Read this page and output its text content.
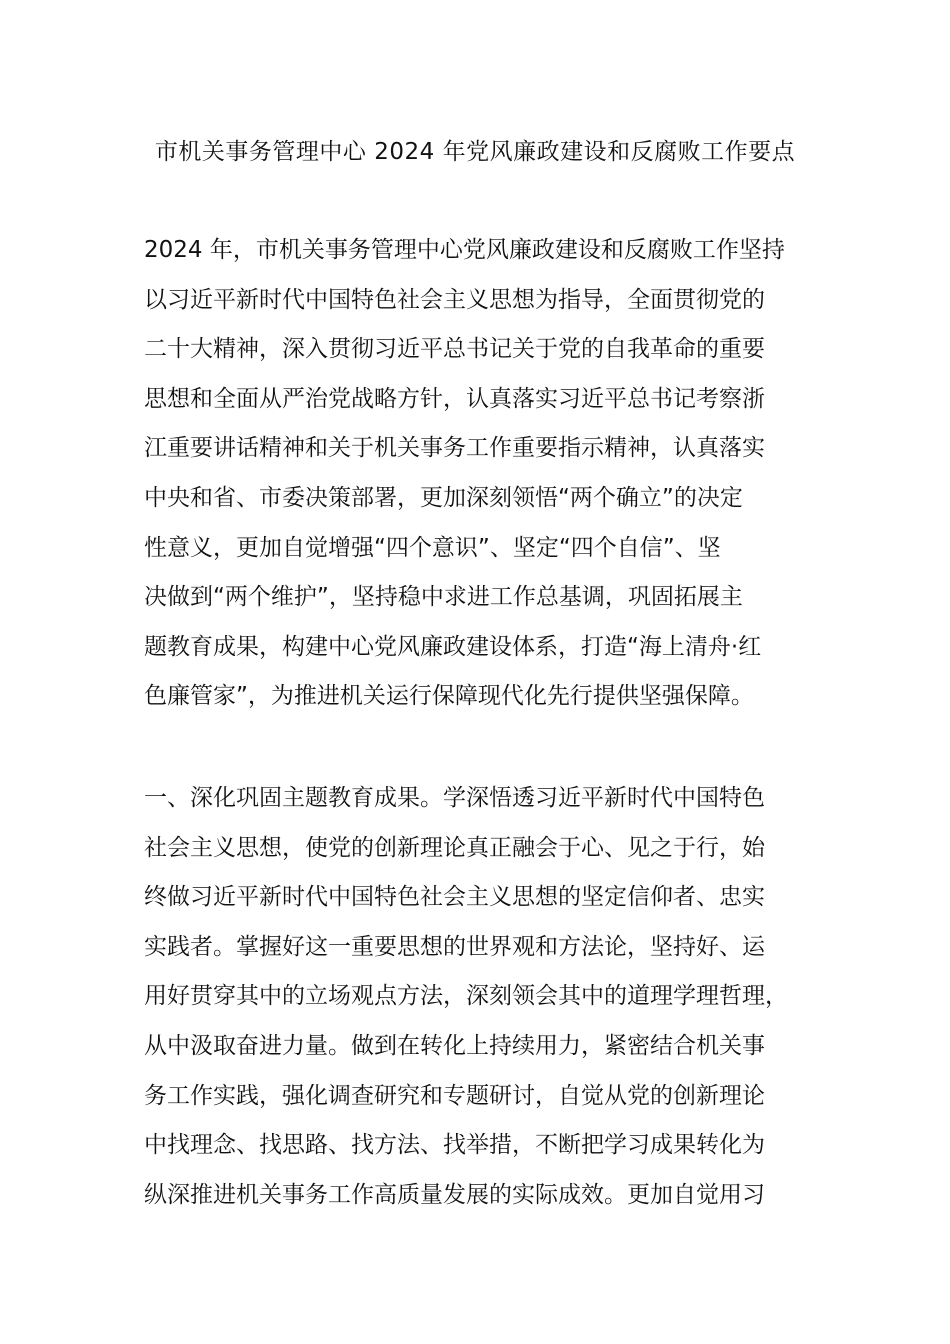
市机关事务管理中心 2024 年党风廉政建设和反腐败工作要点
2024 年，市机关事务管理中心党风廉政建设和反腐败工作坚持
以习近平新时代中国特色社会主义思想为指导，全面贯彻党的
二十大精神，深入贯彻习近平总书记关于党的自我革命的重要
思想和全面从严治党战略方针，认真落实习近平总书记考察浙
江重要讲话精神和关于机关事务工作重要指示精神，认真落实
中央和省、市委决策部署，更加深刻领悟“两个确立”的决定
性意义，更加自觉增强“四个意识”、坚定“四个自信”、坚
决做到“两个维护”，坚持稳中求进工作总基调，巩固拓展主
题教育成果，构建中心党风廉政建设体系，打造“海上清舟·红
色廉管家”，为推进机关运行保障现代化先行提供坚强保障。
一、深化巩固主题教育成果。学深悟透习近平新时代中国特色
社会主义思想，使党的创新理论真正融会于心、见之于行，始
终做习近平新时代中国特色社会主义思想的坚定信仰者、忠实
实践者。掌握好这一重要思想的世界观和方法论，坚持好、运
用好贯穿其中的立场观点方法，深刻领会其中的道理学理哲理，
从中汲取奋进力量。做到在转化上持续用力，紧密结合机关事
务工作实践，强化调查研究和专题研讨，自觉从党的创新理论
中找理念、找思路、找方法、找举措，不断把学习成果转化为
纵深推进机关事务工作高质量发展的实际成效。更加自觉用习
